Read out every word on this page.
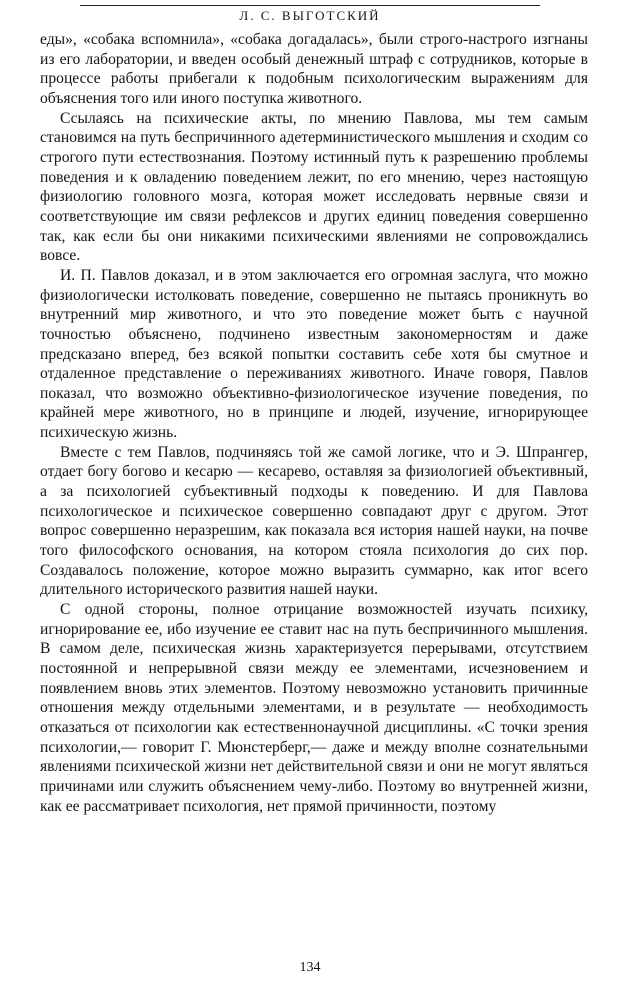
Л. С. ВЫГОТСКИЙ

еды», «собака вспомнила», «собака догадалась», были строго-настрого изгнаны из его лаборатории, и введен особый денежный штраф с сотрудников, которые в процессе работы прибегали к подобным психологическим выражениям для объяснения того или иного поступка животного.

Ссылаясь на психические акты, по мнению Павлова, мы тем самым становимся на путь беспричинного адетерминистического мышления и сходим со строгого пути естествознания. Поэтому истинный путь к разрешению проблемы поведения и к овладению поведением лежит, по его мнению, через настоящую физиологию головного мозга, которая может исследовать нервные связи и соответствующие им связи рефлексов и других единиц поведения совершенно так, как если бы они никакими психическими явлениями не сопровождались вовсе.

И. П. Павлов доказал, и в этом заключается его огромная заслуга, что можно физиологически истолковать поведение, совершенно не пытаясь проникнуть во внутренний мир животного, и что это поведение может быть с научной точностью объяснено, подчинено известным закономерностям и даже предсказано вперед, без всякой попытки составить себе хотя бы смутное и отдаленное представление о переживаниях животного. Иначе говоря, Павлов показал, что возможно объективно-физиологическое изучение поведения, по крайней мере животного, но в принципе и людей, изучение, игнорирующее психическую жизнь.

Вместе с тем Павлов, подчиняясь той же самой логике, что и Э. Шпрангер, отдает богу богово и кесарю — кесарево, оставляя за физиологией объективный, а за психологией субъективный подходы к поведению. И для Павлова психологическое и психическое совершенно совпадают друг с другом. Этот вопрос совершенно неразрешим, как показала вся история нашей науки, на почве того философского основания, на котором стояла психология до сих пор. Создавалось положение, которое можно выразить суммарно, как итог всего длительного исторического развития нашей науки.

С одной стороны, полное отрицание возможностей изучать психику, игнорирование ее, ибо изучение ее ставит нас на путь беспричинного мышления. В самом деле, психическая жизнь характеризуется перерывами, отсутствием постоянной и непрерывной связи между ее элементами, исчезновением и появлением вновь этих элементов. Поэтому невозможно установить причинные отношения между отдельными элементами, и в результате — необходимость отказаться от психологии как естественнонаучной дисциплины. «С точки зрения психологии,— говорит Г. Мюнстерберг,— даже и между вполне сознательными явлениями психической жизни нет действительной связи и они не могут являться причинами или служить объяснением чему-либо. Поэтому во внутренней жизни, как ее рассматривает психология, нет прямой причинности, поэтому

134
